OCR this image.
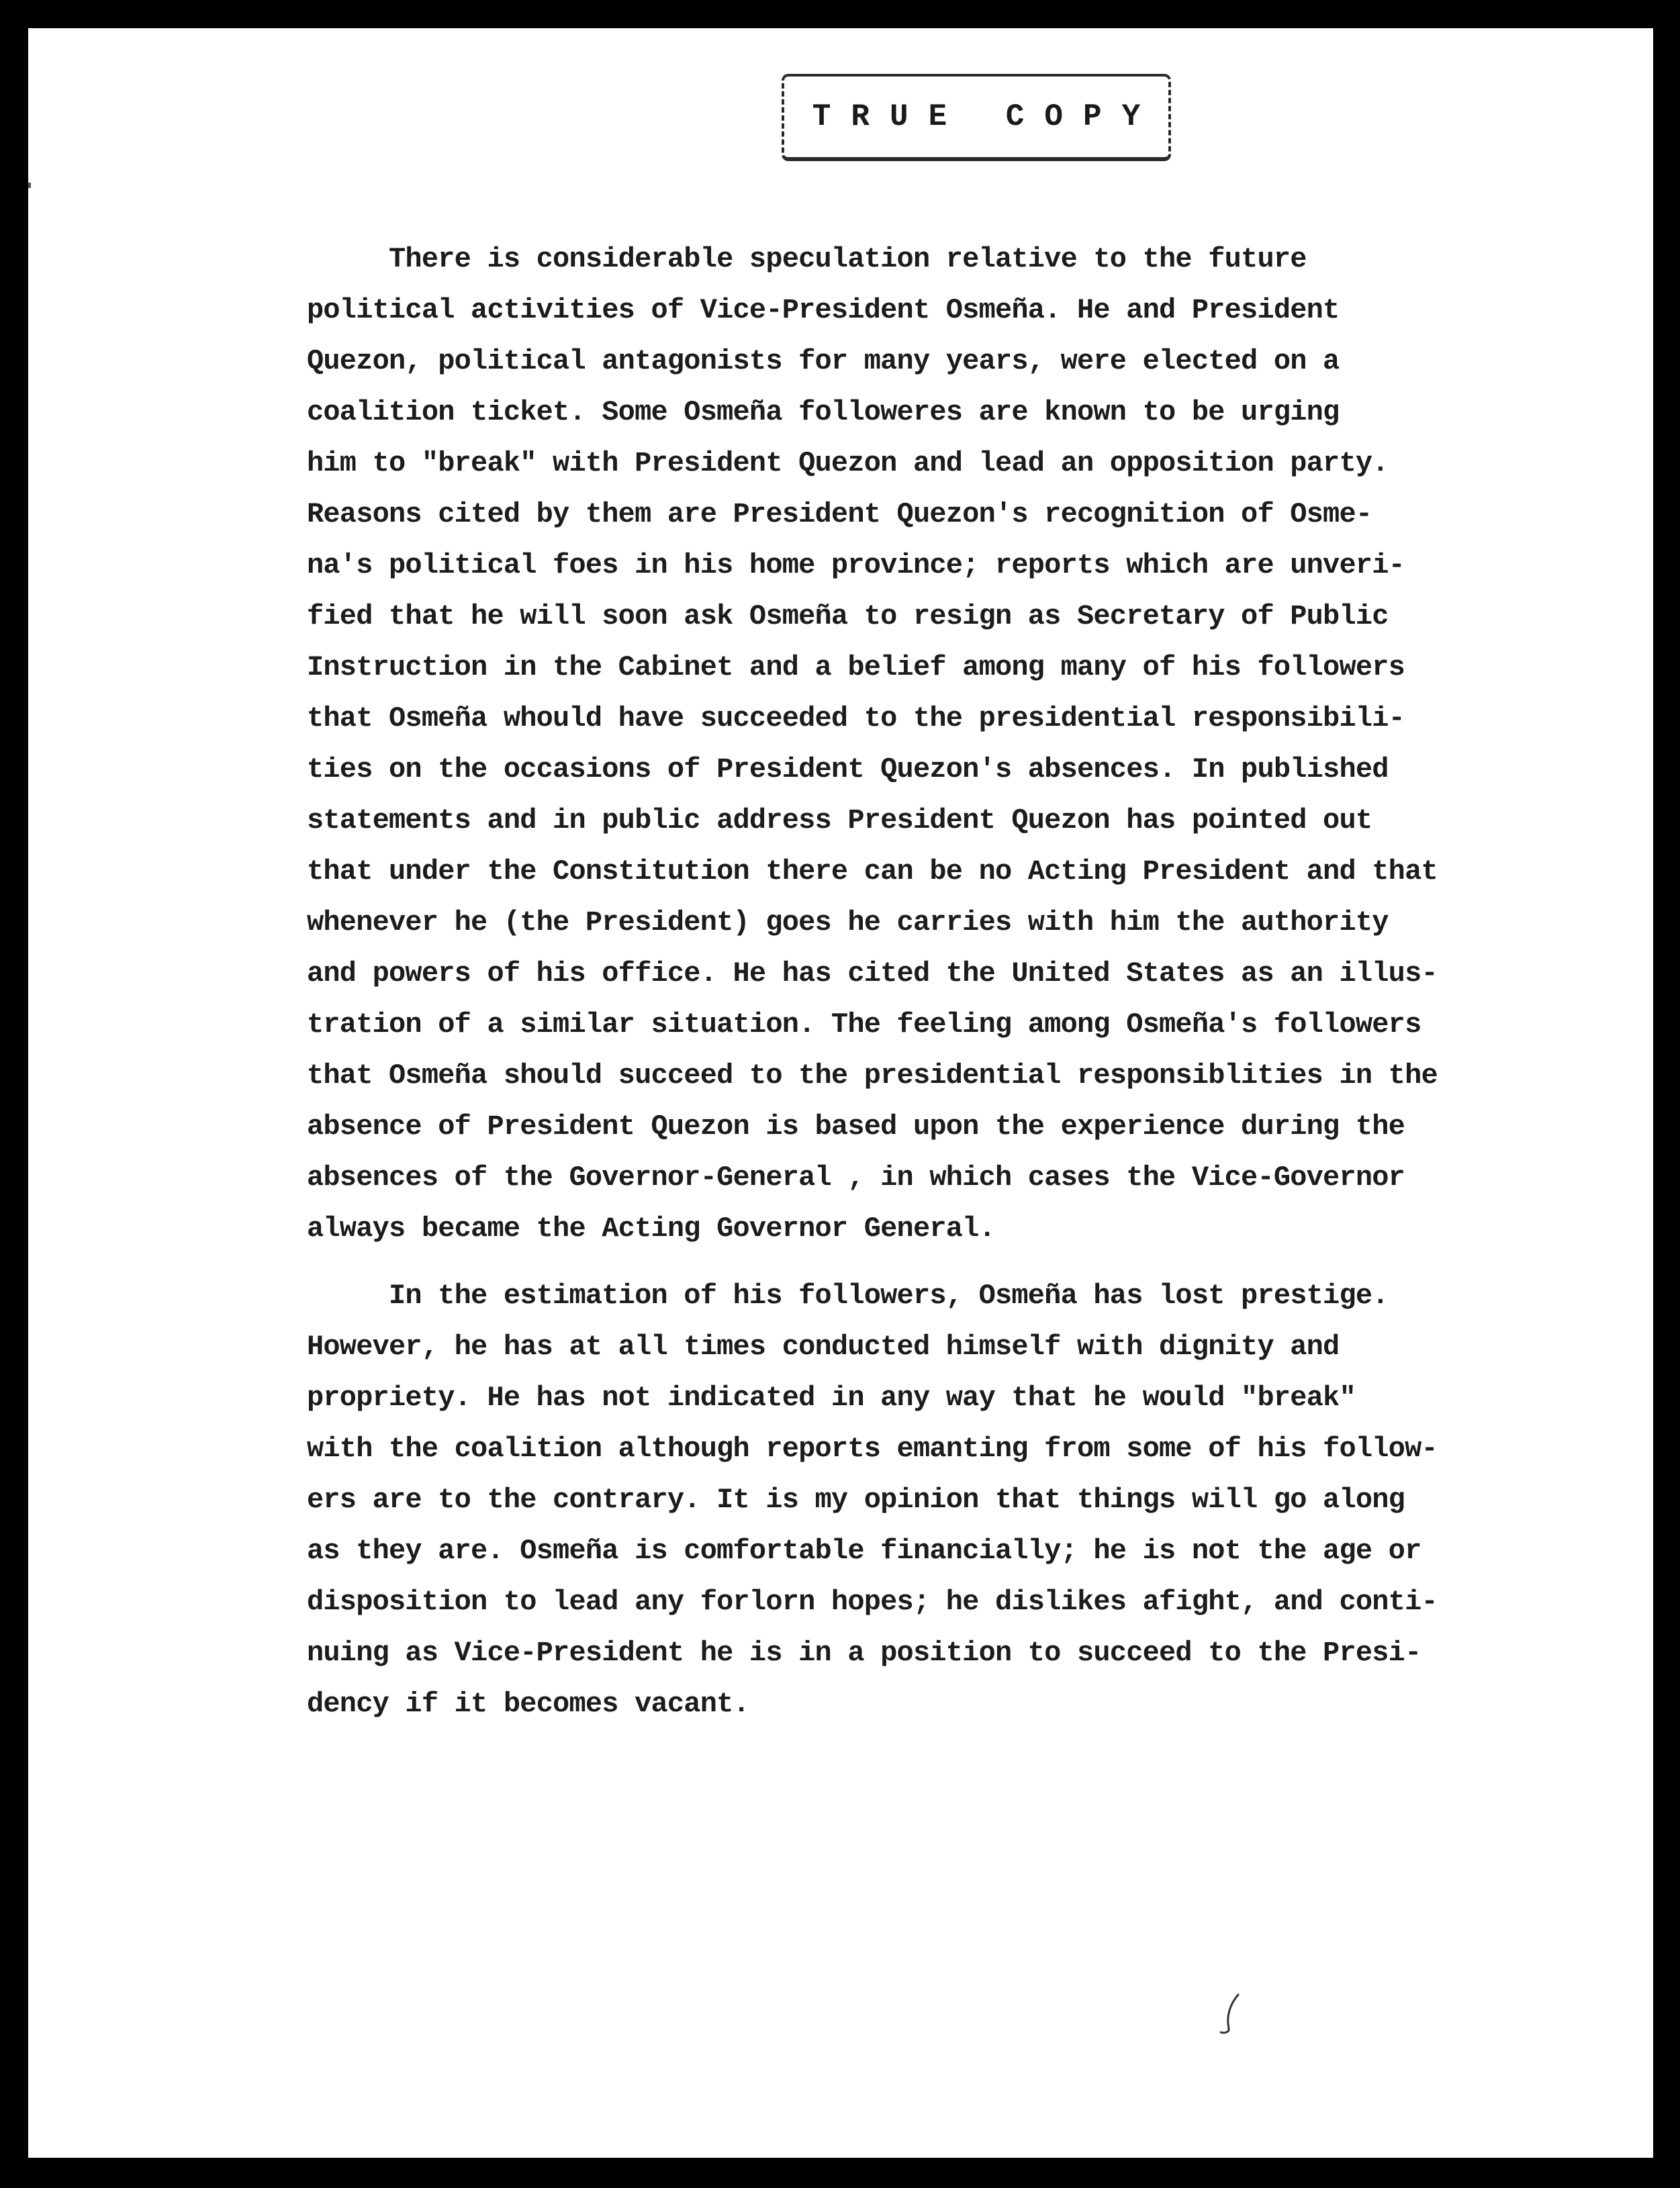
TRUE COPY
There is considerable speculation relative to the future
political activities of Vice-President Osmeña. He and President
Quezon, political antagonists for many years, were elected on a
coalition ticket. Some Osmeña followeres are known to be urging
him to "break" with President Quezon and lead an opposition party.
Reasons cited by them are President Quezon's recognition of Osme-
na's political foes in his home province; reports which are unveri-
fied that he will soon ask Osmeña to resign as Secretary of Public
Instruction in the Cabinet and a belief among many of his followers
that Osmeña whould have succeeded to the presidential responsibili-
ties on the occasions of President Quezon's absences. In published
statements and in public address President Quezon has pointed out
that under the Constitution there can be no Acting President and that
whenever he (the President) goes he carries with him the authority
and powers of his office. He has cited the United States as an illus-
tration of a similar situation. The feeling among Osmeña's followers
that Osmeña should succeed to the presidential responsiblities in the
absence of President Quezon is based upon the experience during the
absences of the Governor-General , in which cases the Vice-Governor
always became the Acting Governor General.
In the estimation of his followers, Osmeña has lost prestige.
However, he has at all times conducted himself with dignity and
propriety. He has not indicated in any way that he would "break"
with the coalition although reports emanting from some of his follow-
ers are to the contrary. It is my opinion that things will go along
as they are. Osmeña is comfortable financially; he is not the age or
disposition to lead any forlorn hopes; he dislikes afight, and conti-
nuing as Vice-President he is in a position to succeed to the Presi-
dency if it becomes vacant.
